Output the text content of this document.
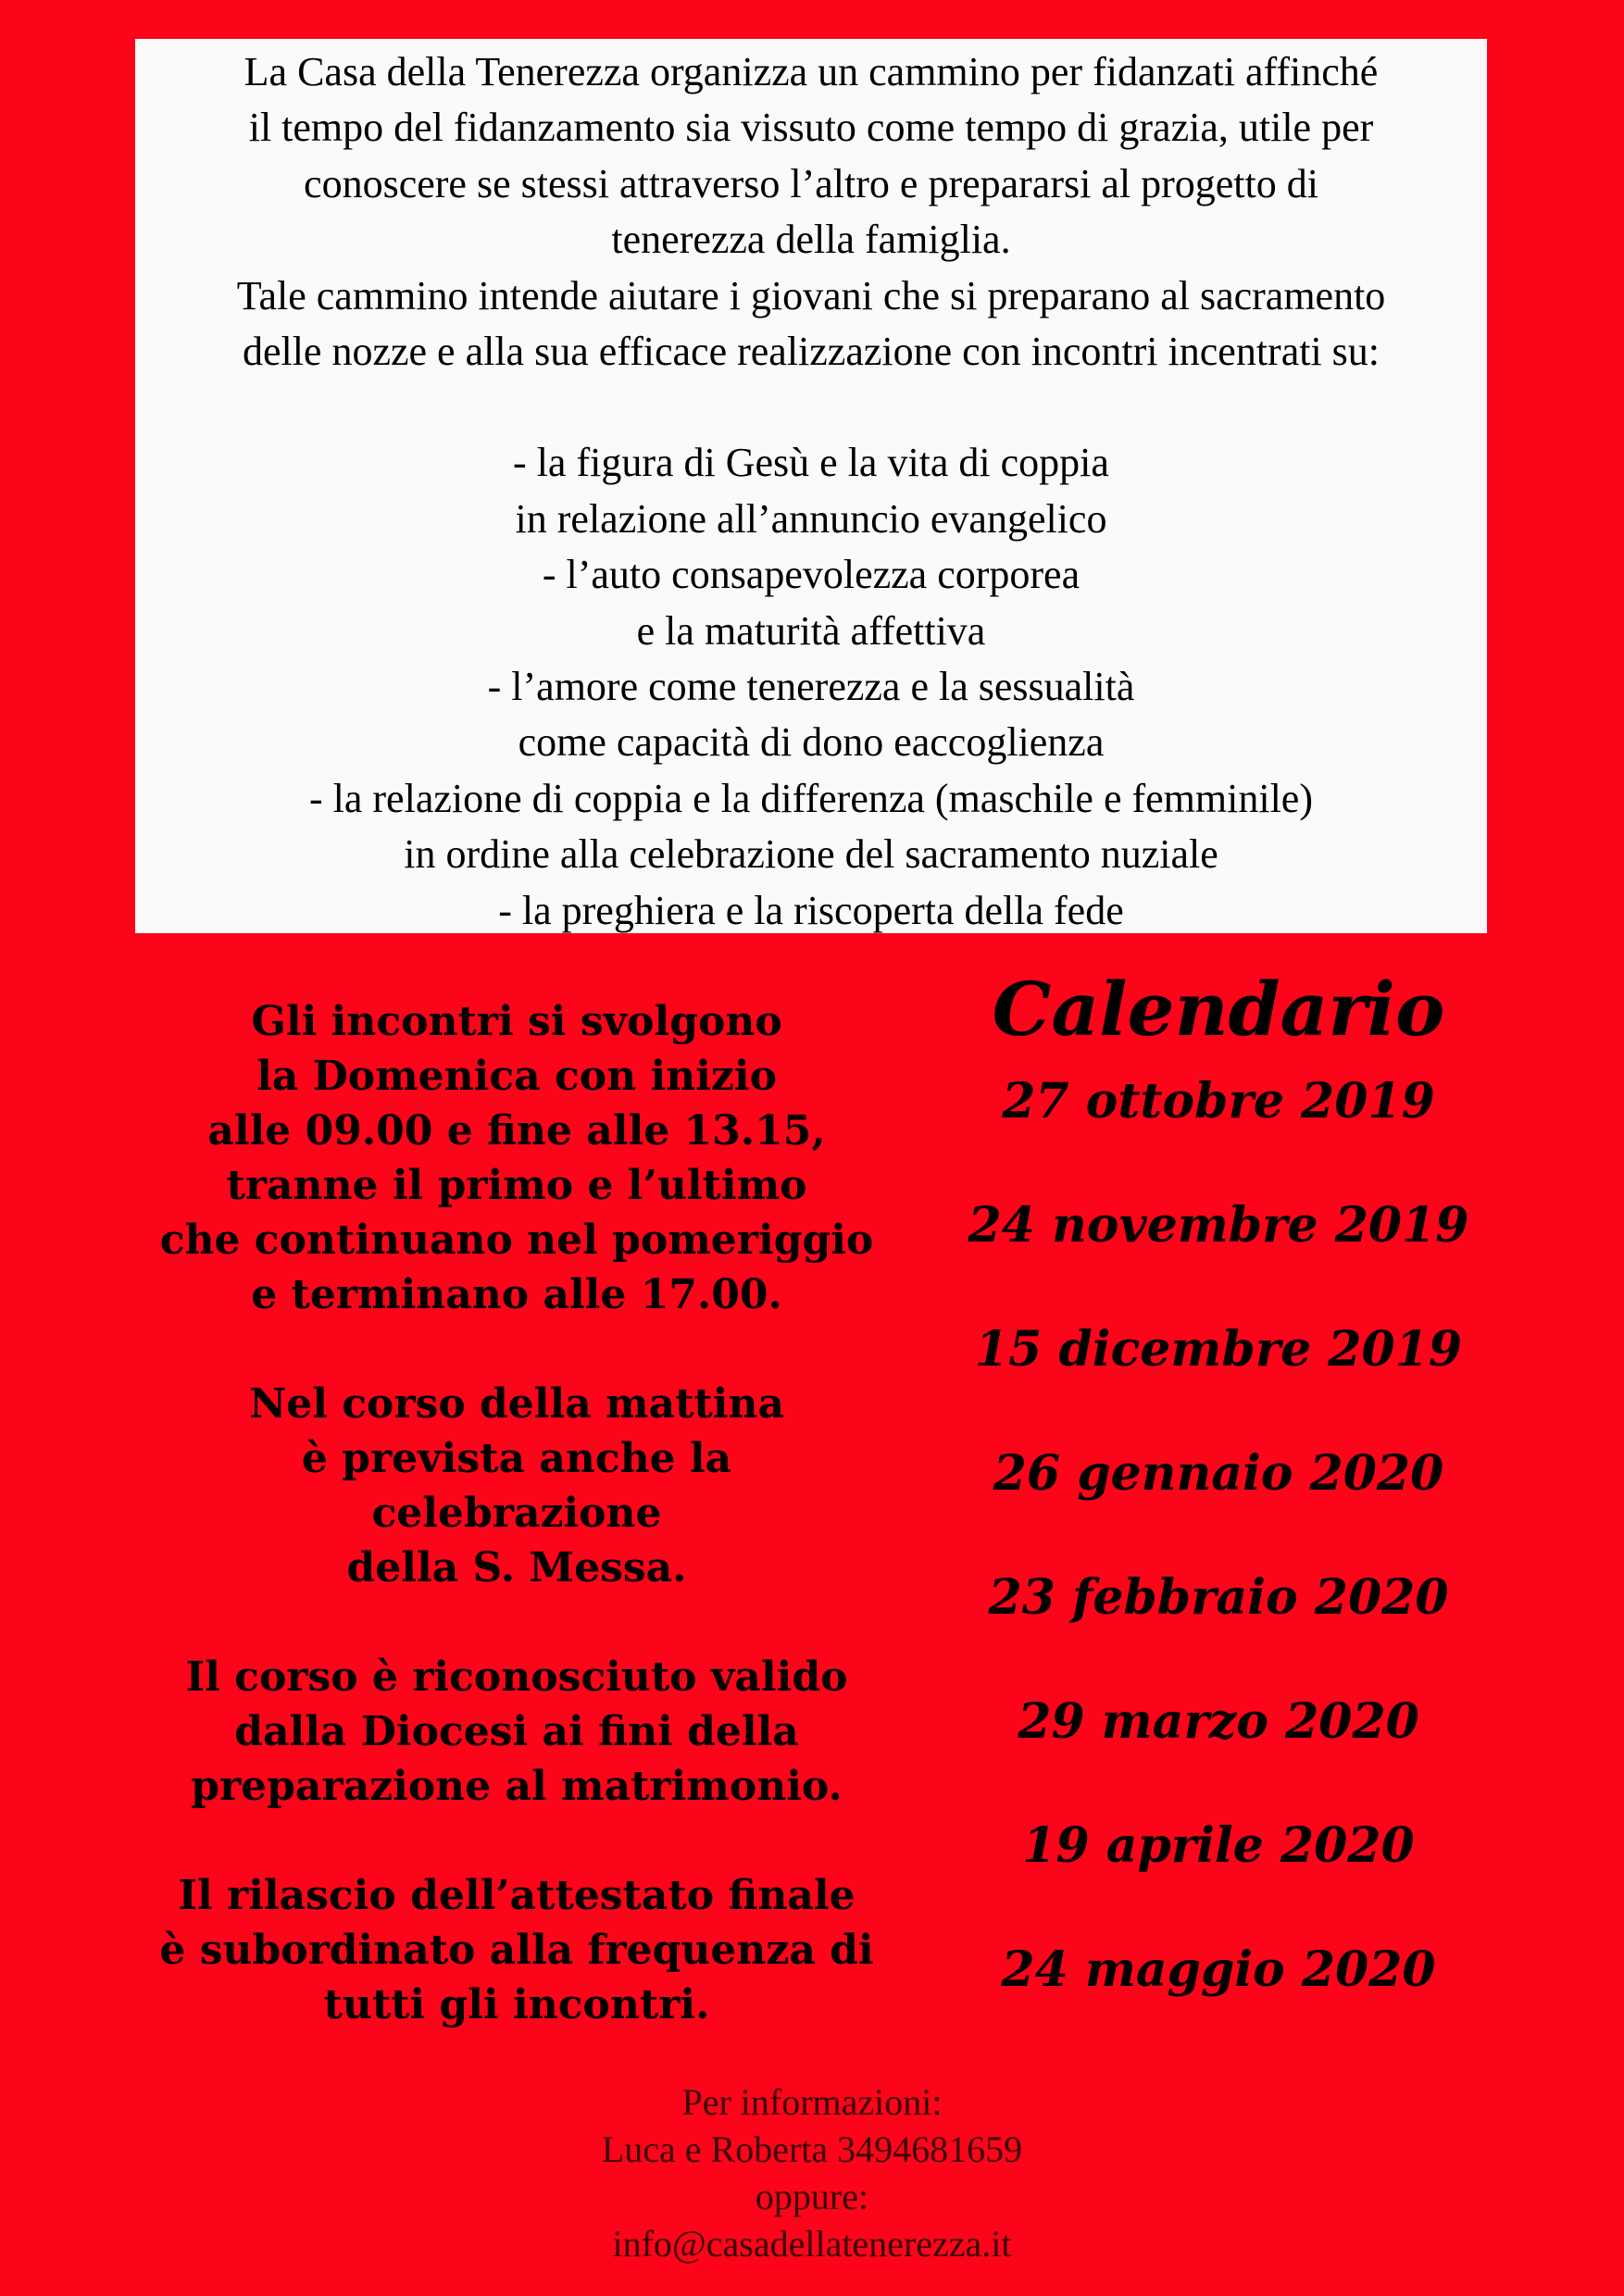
La Casa della Tenerezza organizza un cammino per fidanzati affinché
il tempo del fidanzamento sia vissuto come tempo di grazia, utile per
conoscere se stessi attraverso l’altro e prepararsi al progetto di
tenerezza della famiglia.
Tale cammino intende aiutare i giovani che si preparano al sacramento
delle nozze e alla sua efficace realizzazione con incontri incentrati su:

- la figura di Gesù e la vita di coppia
in relazione all’annuncio evangelico
- l’auto consapevolezza corporea
e la maturità affettiva
- l’amore come tenerezza e la sessualità
come capacità di dono eaccoglienza
- la relazione di coppia e la differenza (maschile e femminile)
in ordine alla celebrazione del sacramento nuziale
- la preghiera e la riscoperta della fede

Gli incontri si svolgono
la Domenica con inizio
alle 09.00 e fine alle 13.15,
tranne il primo e l’ultimo
che continuano nel pomeriggio
e terminano alle 17.00.

Nel corso della mattina
è prevista anche la
celebrazione
della S. Messa.

Il corso è riconosciuto valido
dalla Diocesi ai fini della
preparazione al matrimonio.

Il rilascio dell’attestato finale
è subordinato alla frequenza di
tutti gli incontri.

Calendario
27 ottobre 2019
24 novembre 2019
15 dicembre 2019
26 gennaio 2020
23 febbraio 2020
29 marzo 2020
19 aprile 2020
24 maggio 2020

Per informazioni:

Luca e Roberta 3494681659

oppure:

info@casadellatenerezza.it
